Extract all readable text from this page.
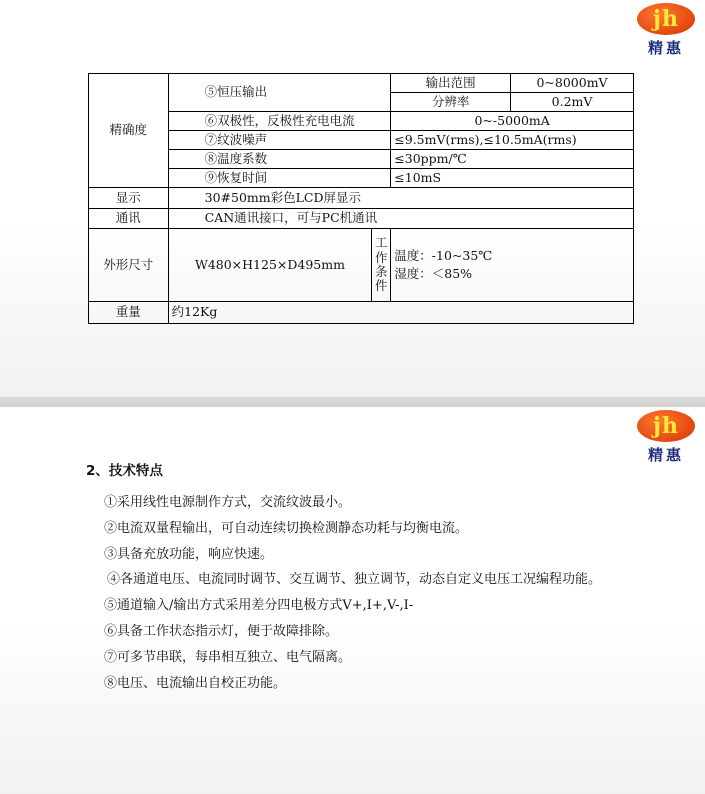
jh
精惠
精确度	⑤恒压输出		输出范围	0~8000mV
			分辨率	0.2mV
	⑥双极性，反极性充电电流		0~-5000mA	
	⑦纹波噪声		≤9.5mV(rms),≤10.5mA(rms)	
	⑧温度系数		≤30ppm/℃	
	⑨恢复时间		≤10mS	
显示	30#50mm彩色LCD屏显示			
通讯	CAN通讯接口，可与PC机通讯			
外形尺寸	W480×H125×D495mm	工作条件	温度：-10~35℃
湿度：＜85%	

重量	约12Kg			
jh
精惠
2、技术特点
①采用线性电源制作方式，交流纹波最小。
②电流双量程输出，可自动连续切换检测静态功耗与均衡电流。
③具备充放功能，响应快速。
④各通道电压、电流同时调节、交互调节、独立调节，动态自定义电压工况编程功能。
⑤通道输入/输出方式采用差分四电极方式V+,I+,V-,I-
⑥具备工作状态指示灯，便于故障排除。
⑦可多节串联，每串相互独立、电气隔离。
⑧电压、电流输出自校正功能。
